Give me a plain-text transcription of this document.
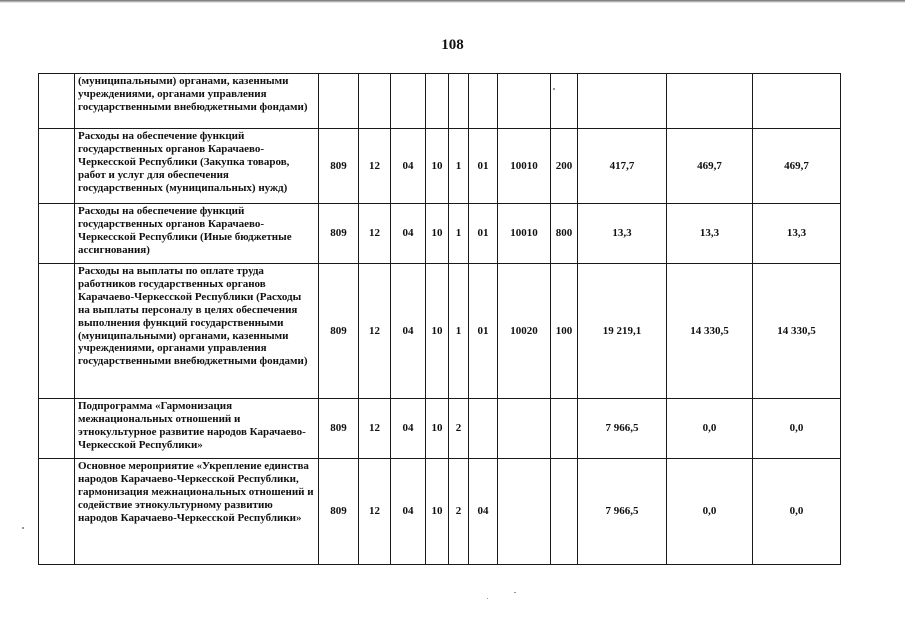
108
	(муниципальными) органами, казенными учреждениями, органами управления государственными внебюджетными фондами)											
	Расходы на обеспечение функций государственных органов Карачаево-Черкесской Республики (Закупка товаров, работ и услуг для обеспечения государственных (муниципальных) нужд)	809	12	04	10	1	01	10010	200	417,7	469,7	469,7
	Расходы на обеспечение функций государственных органов Карачаево-Черкесской Республики (Иные бюджетные ассигнования)	809	12	04	10	1	01	10010	800	13,3	13,3	13,3
	Расходы на выплаты по оплате труда работников государственных органов Карачаево-Черкесской Республики (Расходы на выплаты персоналу в целях обеспечения выполнения функций государственными (муниципальными) органами, казенными учреждениями, органами управления государственными внебюджетными фондами)	809	12	04	10	1	01	10020	100	19 219,1	14 330,5	14 330,5
	Подпрограмма «Гармонизация межнациональных отношений и этнокультурное развитие народов Карачаево-Черкесской Республики»	809	12	04	10	2				7 966,5	0,0	0,0
	Основное мероприятие «Укрепление единства народов Карачаево-Черкесской Республики, гармонизация межнациональных отношений и содействие этнокультурному развитию народов Карачаево-Черкесской Республики»	809	12	04	10	2	04			7 966,5	0,0	0,0
